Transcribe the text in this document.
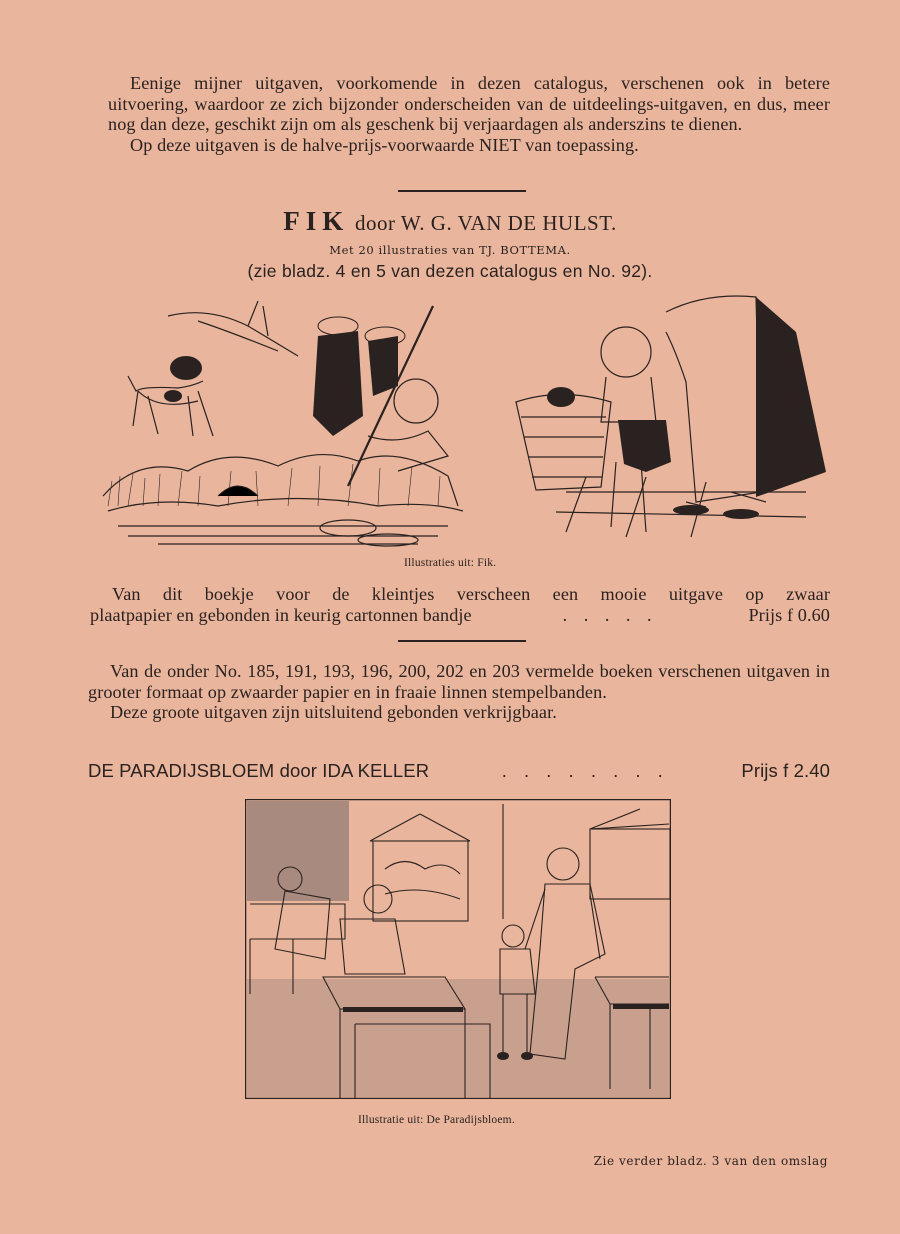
Eenige mijner uitgaven, voorkomende in dezen catalogus, verschenen ook in betere uitvoering, waardoor ze zich bijzonder onderscheiden van de uitdeelings-uitgaven, en dus, meer nog dan deze, geschikt zijn om als geschenk bij verjaardagen als anderszins te dienen.

Op deze uitgaven is de halve-prijs-voorwaarde NIET van toepassing.

FIK door W. G. VAN DE HULST.
Met 20 illustraties van TJ. BOTTEMA.
(zie bladz. 4 en 5 van dezen catalogus en No. 92).
Illustraties uit: Fik.

Van dit boekje voor de kleintjes verscheen een mooie uitgave op zwaar

plaatpapier en gebonden in keurig cartonnen bandje	. . . . .	Prijs f 0.60

Van de onder No. 185, 191, 193, 196, 200, 202 en 203 vermelde boeken verschenen uitgaven in grooter formaat op zwaarder papier en in fraaie linnen stempelbanden.

Deze groote uitgaven zijn uitsluitend gebonden verkrijgbaar.

DE PARADIJSBLOEM door IDA KELLER	. . . . . . . .	Prijs f 2.40
Illustratie uit: De Paradijsbloem.
Zie verder bladz. 3 van den omslag
